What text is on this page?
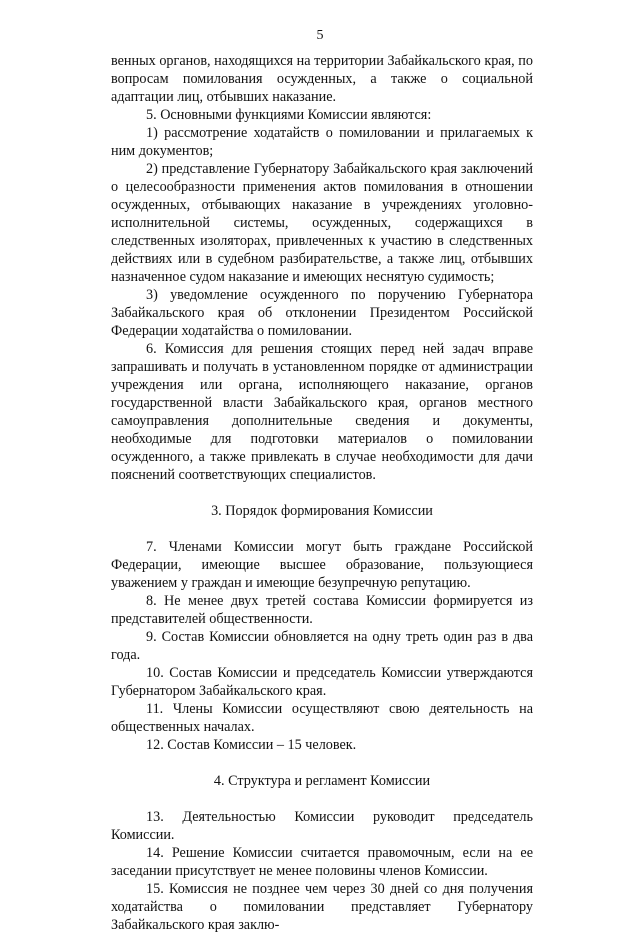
5

венных органов, находящихся на территории Забайкальского края, по вопросам помилования осужденных, а также о социальной адаптации лиц, отбывших наказание.

5. Основными функциями Комиссии являются:

1) рассмотрение ходатайств о помиловании и прилагаемых к ним документов;

2) представление Губернатору Забайкальского края заключений о целесообразности применения актов помилования в отношении осужденных, отбывающих наказание в учреждениях уголовно-исполнительной системы, осужденных, содержащихся в следственных изоляторах, привлеченных к участию в следственных действиях или в судебном разбирательстве, а также лиц, отбывших назначенное судом наказание и имеющих неснятую судимость;

3) уведомление осужденного по поручению Губернатора Забайкальского края об отклонении Президентом Российской Федерации ходатайства о помиловании.

6. Комиссия для решения стоящих перед ней задач вправе запрашивать и получать в установленном порядке от администрации учреждения или органа, исполняющего наказание, органов государственной власти Забайкальского края, органов местного самоуправления дополнительные сведения и документы, необходимые для подготовки материалов о помиловании осужденного, а также привлекать в случае необходимости для дачи пояснений соответствующих специалистов.

3. Порядок формирования Комиссии

7. Членами Комиссии могут быть граждане Российской Федерации, имеющие высшее образование, пользующиеся уважением у граждан и имеющие безупречную репутацию.

8. Не менее двух третей состава Комиссии формируется из представителей общественности.

9. Состав Комиссии обновляется на одну треть один раз в два года.

10. Состав Комиссии и председатель Комиссии утверждаются Губернатором Забайкальского края.

11. Члены Комиссии осуществляют свою деятельность на общественных началах.

12. Состав Комиссии – 15 человек.

4. Структура и регламент Комиссии

13. Деятельностью Комиссии руководит председатель Комиссии.

14. Решение Комиссии считается правомочным, если на ее заседании присутствует не менее половины членов Комиссии.

15. Комиссия не позднее чем через 30 дней со дня получения ходатайства о помиловании представляет Губернатору Забайкальского края заклю-
